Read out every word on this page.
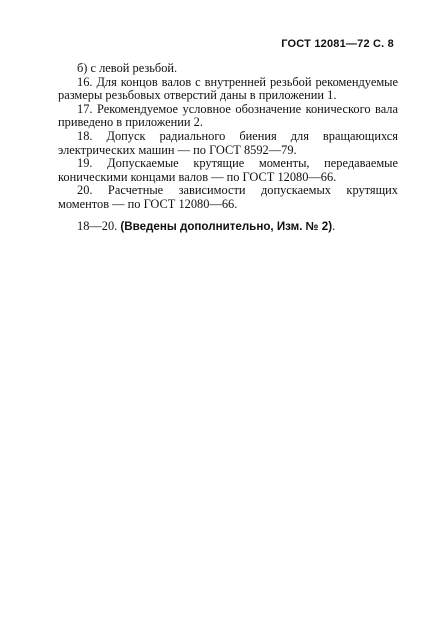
ГОСТ 12081—72 С. 8

б) с левой резьбой.

16. Для концов валов с внутренней резьбой рекомендуемые размеры резьбовых отверстий даны в приложении 1.

17. Рекомендуемое условное обозначение конического вала приведено в приложении 2.

18. Допуск радиального биения для вращающихся электрических машин — по ГОСТ 8592—79.

19. Допускаемые крутящие моменты, передаваемые коническими концами валов — по ГОСТ 12080—66.

20. Расчетные зависимости допускаемых крутящих моментов — по ГОСТ 12080—66.

18—20. (Введены дополнительно, Изм. № 2).
